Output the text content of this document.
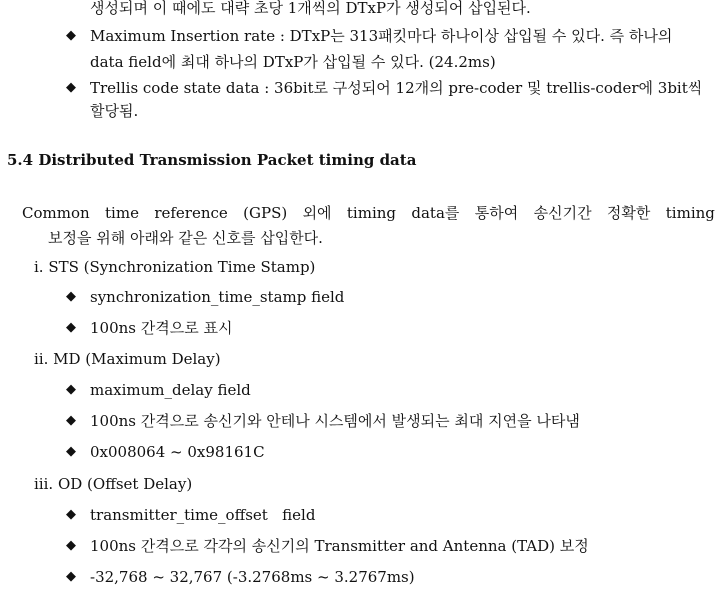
생성되며 이 때에도 대략 초당 1개씩의 DTxP가 생성되어 삽입된다.
◆ Maximum Insertion rate : DTxP는 313패킷마다 하나이상 삽입될 수 있다. 즉 하나의
data field에 최대 하나의 DTxP가 삽입될 수 있다. (24.2ms)
◆ Trellis code state data : 36bit로 구성되어 12개의 pre-coder 및 trellis-coder에 3bit씩
할당됨.
5.4 Distributed Transmission Packet timing data
Common time reference (GPS) 외에 timing data를 통하여 송신기간 정확한 timing
보정을 위해 아래와 같은 신호를 삽입한다.
ⅰ. STS (Synchronization Time Stamp)
◆ synchronization_time_stamp field
◆ 100ns 간격으로 표시
ⅱ. MD (Maximum Delay)
◆ maximum_delay field
◆ 100ns 간격으로 송신기와 안테나 시스템에서 발생되는 최대 지연을 나타냄
◆ 0x008064 ~ 0x98161C
ⅲ. OD (Offset Delay)
◆ transmitter_time_offset   field
◆ 100ns 간격으로 각각의 송신기의 Transmitter and Antenna (TAD) 보정
◆ -32,768 ~ 32,767 (-3.2768ms ~ 3.2767ms)
